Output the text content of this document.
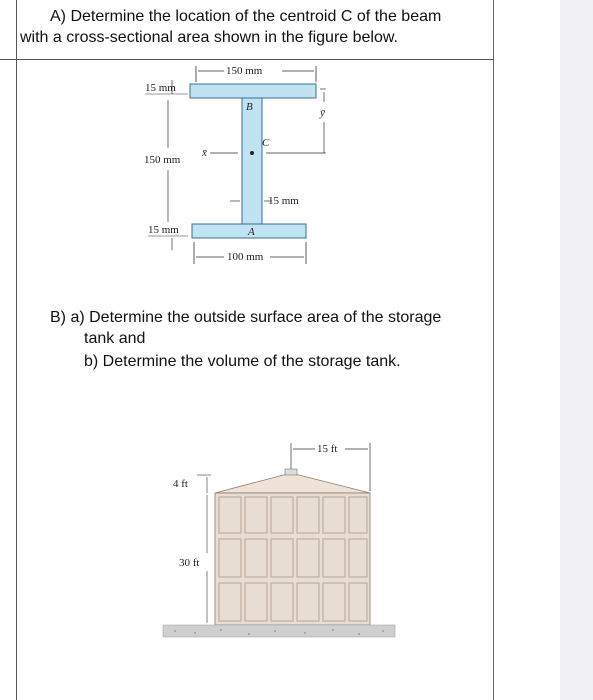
A) Determine the location of the centroid C of the beam
with a cross-sectional area shown in the figure below.
150 mm
15 mm
150 mm
15 mm
x̄
C
B
A
ȳ
15 mm
100 mm
B) a) Determine the outside surface area of the storage
tank and
b) Determine the volume of the storage tank.
15 ft
4 ft
30 ft
